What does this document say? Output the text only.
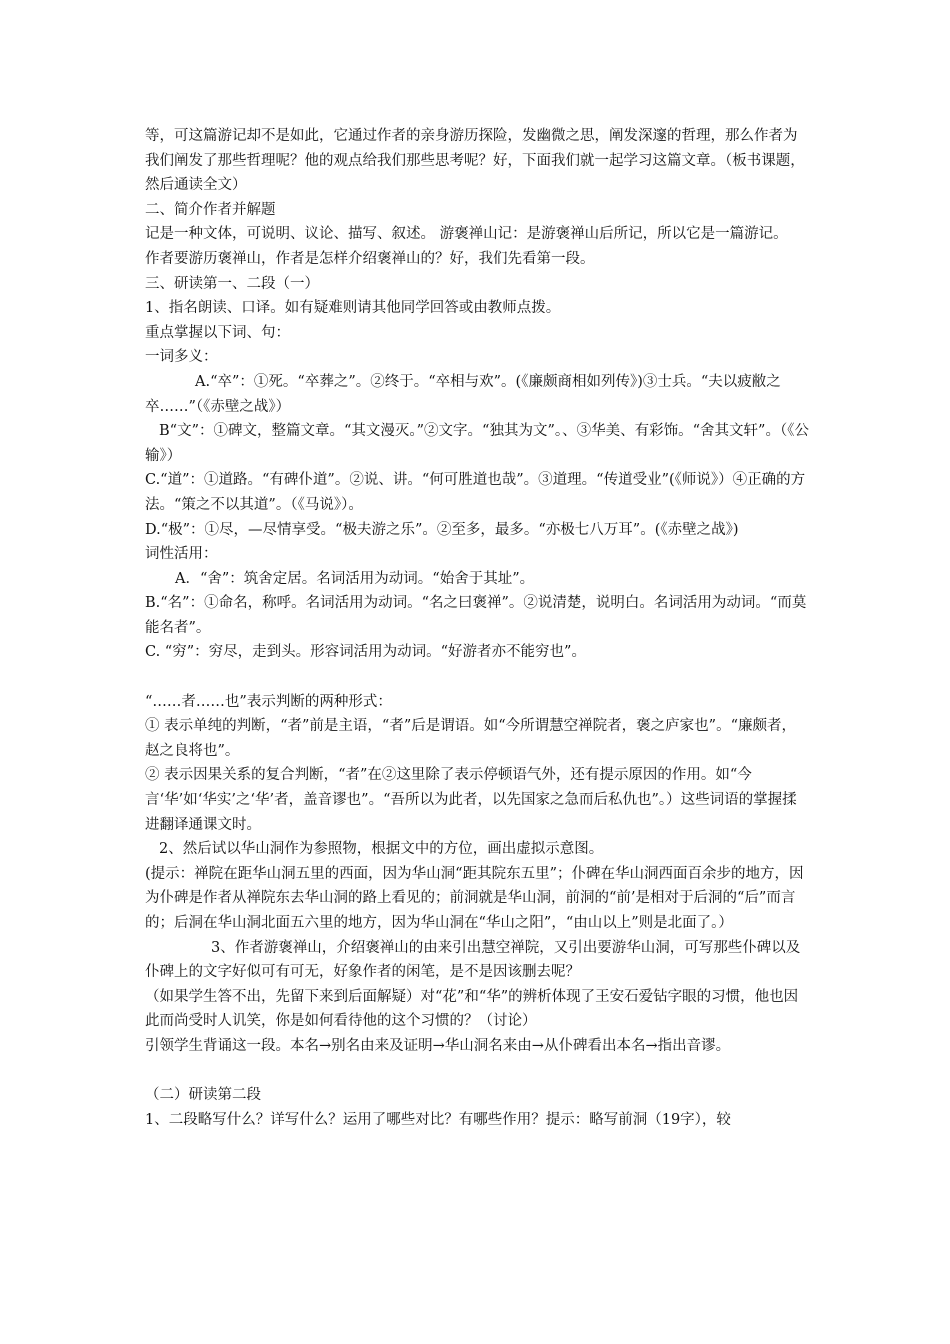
等，可这篇游记却不是如此，它通过作者的亲身游历探险，发幽微之思，阐发深邃的哲理，那么作者为我们阐发了那些哲理呢？他的观点给我们那些思考呢？好，下面我们就一起学习这篇文章。（板书课题，然后通读全文）

二、简介作者并解题

记是一种文体，可说明、议论、描写、叙述。 游褒禅山记：是游褒禅山后所记，所以它是一篇游记。  作者要游历褒禅山，作者是怎样介绍褒禅山的？好，我们先看第一段。

三、研读第一、二段（一）

1、指名朗读、口译。如有疑难则请其他同学回答或由教师点拨。

重点掌握以下词、句：

一词多义：

A.“卒”：①死。“卒葬之”。②终于。“卒相与欢”。(《廉颇商相如列传》)③士兵。“夫以疲敝之卒……”（《赤壁之战》）

B“文”：①碑文，整篇文章。“其文漫灭。”②文字。“独其为文”。、③华美、有彩饰。“舍其文轩”。（《公输》）

C.“道”：①道路。“有碑仆道”。②说、讲。“何可胜道也哉”。③道理。“传道受业”(《师说》）④正确的方法。“策之不以其道”。（《马说》）。

D.“极”：①尽，—尽情享受。“极夫游之乐”。②至多，最多。“亦极七八万耳”。(《赤壁之战》)

词性活用：

A．“舍”：筑舍定居。名词活用为动词。“始舍于其址”。

B.“名”：①命名，称呼。名词活用为动词。“名之曰褒禅”。②说清楚，说明白。名词活用为动词。“而莫能名者”。

C. “穷”：穷尽，走到头。形容词活用为动词。“好游者亦不能穷也”。

“……者……也”表示判断的两种形式：

① 表示单纯的判断，“者”前是主语，“者”后是谓语。如“今所谓慧空禅院者，褒之庐家也”。“廉颇者，赵之良将也”。

② 表示因果关系的复合判断，“者”在②这里除了表示停顿语气外，还有提示原因的作用。如“今言‘华’如‘华实’之‘华’者，盖音谬也”。“吾所以为此者，以先国家之急而后私仇也”。）这些词语的掌握揉进翻译通课文时。

2、然后试以华山洞作为参照物，根据文中的方位，画出虚拟示意图。

(提示：禅院在距华山洞五里的西面，因为华山洞“距其院东五里”；仆碑在华山洞西面百余步的地方，因为仆碑是作者从禅院东去华山洞的路上看见的；前洞就是华山洞，前洞的“前’是相对于后洞的“后”而言的；后洞在华山洞北面五六里的地方，因为华山洞在“华山之阳”，“由山以上”则是北面了。）

3、作者游褒禅山，介绍褒禅山的由来引出慧空禅院，又引出要游华山洞，可写那些仆碑以及仆碑上的文字好似可有可无，好象作者的闲笔，是不是因该删去呢？

（如果学生答不出，先留下来到后面解疑）对“花”和“华”的辨析体现了王安石爱钻字眼的习惯，他也因此而尚受时人讥笑，你是如何看待他的这个习惯的？（讨论）

引领学生背诵这一段。本名→别名由来及证明→华山洞名来由→从仆碑看出本名→指出音谬。

（二）研读第二段

1、二段略写什么？详写什么？运用了哪些对比？有哪些作用？提示：略写前洞（19字），较
